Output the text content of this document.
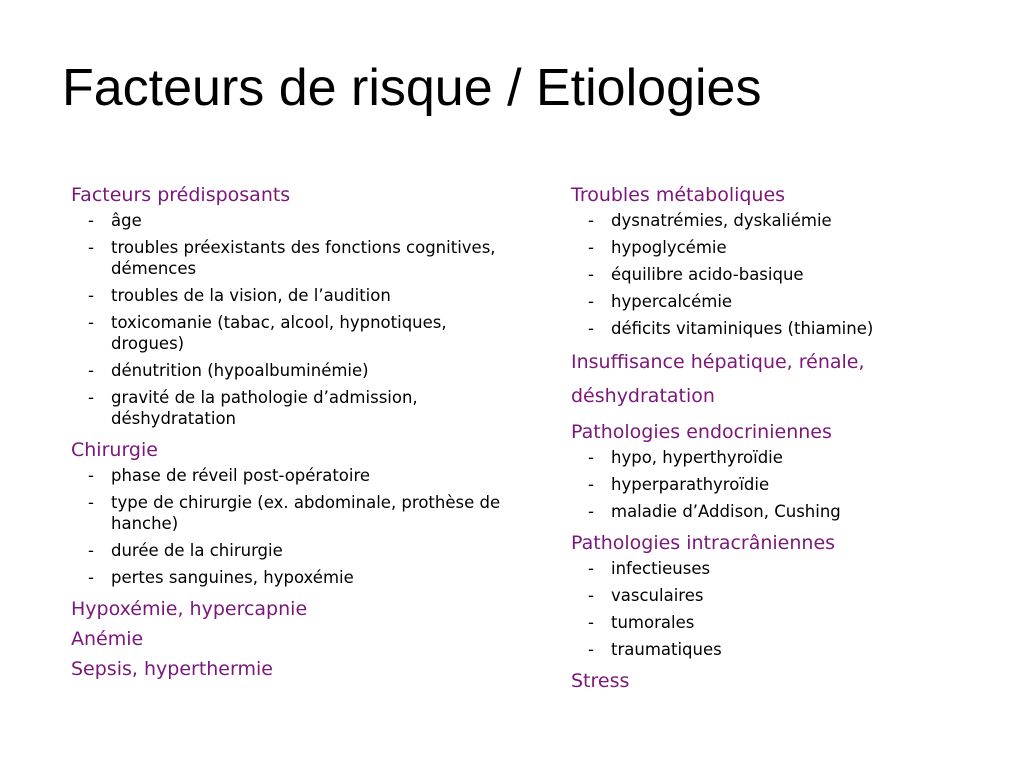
Facteurs de risque / Etiologies
Facteurs prédisposants
- âge
- troubles préexistants des fonctions cognitives, démences
- troubles de la vision, de l’audition
- toxicomanie (tabac, alcool, hypnotiques, drogues)
- dénutrition (hypoalbuminémie)
- gravité de la pathologie d’admission, déshydratation
Chirurgie
- phase de réveil post-opératoire
- type de chirurgie (ex. abdominale, prothèse de hanche)
- durée de la chirurgie
- pertes sanguines, hypoxémie
Hypoxémie, hypercapnie
Anémie
Sepsis, hyperthermie
Troubles métaboliques
- dysnatrémies, dyskaliémie
- hypoglycémie
- équilibre acido-basique
- hypercalcémie
- déficits vitaminiques (thiamine)
Insuffisance hépatique, rénale, déshydratation
Pathologies endocriniennes
- hypo, hyperthyroïdie
- hyperparathyroïdie
- maladie d’Addison, Cushing
Pathologies intracrâniennes
- infectieuses
- vasculaires
- tumorales
- traumatiques
Stress
